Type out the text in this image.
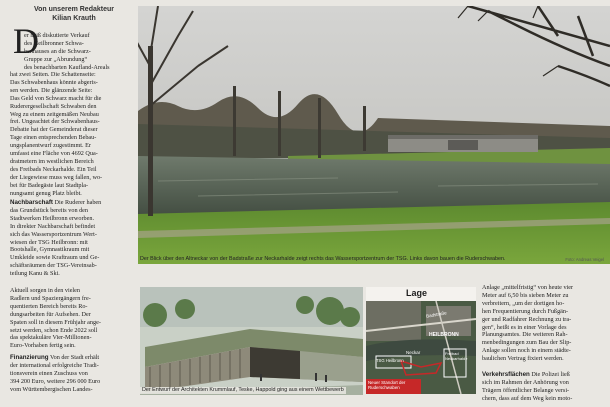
Von unserem Redakteur
Kilian Krauth
D
er heiß diskutierte Verkauf
des Heilbronner Schwa-
benhauses an die Schwarz-
Gruppe zur „Abrundung“
des benachbarten Kaufland-Areals
hat zwei Seiten. Die Schattenseite:
Das Schwabenhaus könnte abgeris-
sen werden. Die glänzende Seite:
Das Geld von Schwarz macht für die
Ruderergesellschaft Schwaben den
Weg zu einem zeitgemäßen Neubau
frei. Ungeachtet der Schwabenhaus-
Debatte hat der Gemeinderat dieser
Tage einen entsprechenden Bebau-
ungsplanentwurf zugestimmt. Er
umfasst eine Fläche von 4692 Qua-
dratmetern im westlichen Bereich
des Freibads Neckarhalde. Ein Teil
der Liegewiese muss weg fallen, wo-
bei für Badegäste laut Stadtpla-
nungsamt genug Platz bleibt.
Nachbarschaft Die Ruderer haben
das Grundstück bereits von den
Stadtwerken Heilbronn erworben.
In direkter Nachbarschaft befindet
sich das Wassersportzentrum Wert-
wiesen der TSG Heilbronn: mit
Bootshalle, Gymnastikraum mit
Umkleide sowie Kraftraum und Ge-
schäftsräumen der TSG-Vereinsab-
teilung Kanu & Ski.
Aktuell sorgen in den vielen
Radlern und Spaziergängern fre-
quentierten Bereich bereits Ro-
dungsarbeiten für Aufsehen. Der
Spaten soll in diesem Frühjahr ange-
setzt werden, schon Ende 2022 soll
das spektakuläre Vier-Millionen-
Euro-Vorhaben fertig sein.
Finanzierung Von der Stadt erhält
der international erfolgreiche Tradi-
tionsverein einen Zuschuss von
394 200 Euro, weitere 296 000 Euro
vom Württembergischen Landes-
Der Blick über den Altneckar von der Badstraße zur Neckarhalde zeigt rechts das Wassersportzentrum der TSG. Links davon bauen die Ruderschwaben.	Foto: Andreas Veigel
Der Entwurf der Architekten Krummlauf, Teske, Happold ging aus einem Wettbewerb
Lage
HEILBRONN
Badstraße
Neckar
TSG Heilbronn
Freibad Neckarhalde
Neuer Standort der
Ruderschwaben
Anlage „mittelfristig“ von heute vier
Meter auf 6,50 bis sieben Meter zu
verbreitern, „um der dortigen ho-
hen Frequentierung durch Fußgän-
ger und Radfahrer Rechnung zu tra-
gen“, heißt es in einer Vorlage des
Planungsamtes. Die weiteren Rah-
menbedingungen zum Bau der Slip-
Anlage sollen noch in einem städte-
baulichen Vertrag fixiert werden.
Verkehrsflächen Die Polizei ließ
sich im Rahmen der Anhörung von
Trägern öffentlicher Belange versi-
chern, dass auf dem Weg kein moto-
